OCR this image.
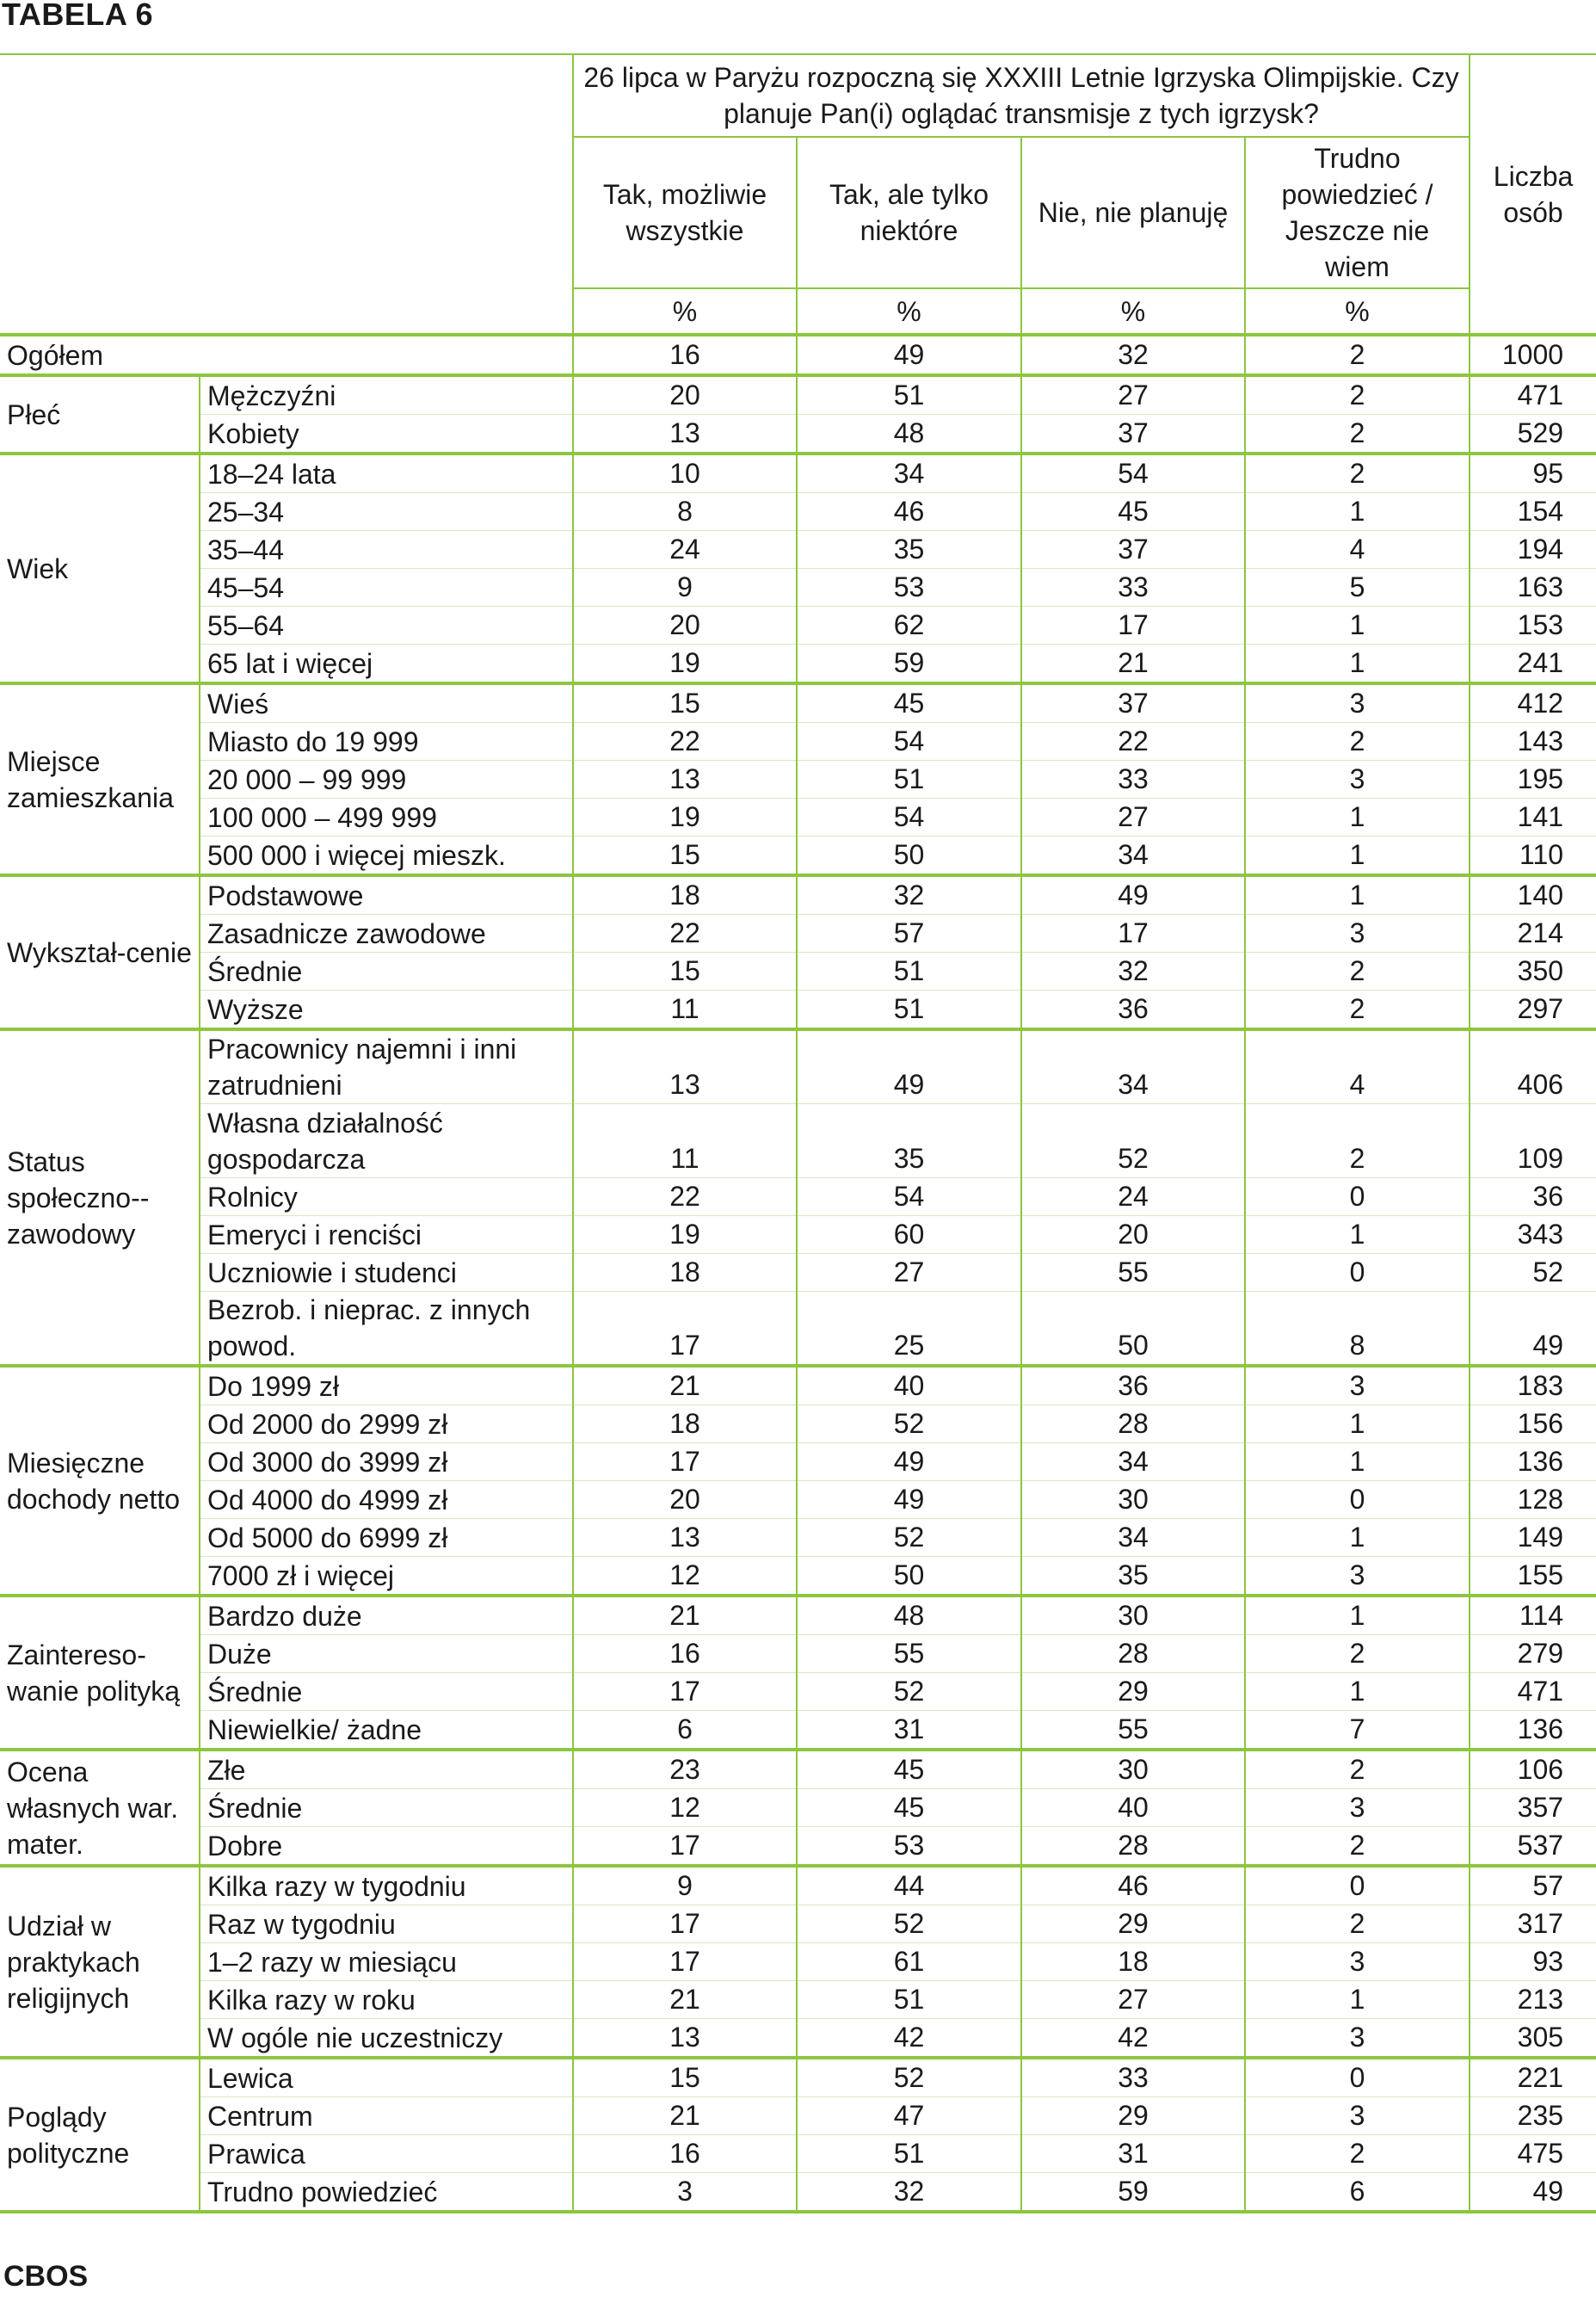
TABELA 6
		26 lipca w Paryżu rozpoczną się XXXIII Letnie Igrzyska Olimpijskie. Czy planuje Pan(i) oglądać transmisje z tych igrzysk?				Liczba osób
		Tak, możliwie wszystkie	Tak, ale tylko niektóre	Nie, nie planuję	Trudno powiedzieć / Jeszcze nie wiem	
		%	%	%	%	
Ogółem		16	49	32	2	1000
Płeć	Mężczyźni	20	51	27	2	471
	Kobiety	13	48	37	2	529
Wiek	18–24 lata	10	34	54	2	95
	25–34	8	46	45	1	154
	35–44	24	35	37	4	194
	45–54	9	53	33	5	163
	55–64	20	62	17	1	153
	65 lat i więcej	19	59	21	1	241
Miejsce zamieszkania	Wieś	15	45	37	3	412
	Miasto do 19 999	22	54	22	2	143
	20 000 – 99 999	13	51	33	3	195
	100 000 – 499 999	19	54	27	1	141
	500 000 i więcej mieszk.	15	50	34	1	110
Wykształ-cenie	Podstawowe	18	32	49	1	140
	Zasadnicze zawodowe	22	57	17	3	214
	Średnie	15	51	32	2	350
	Wyższe	11	51	36	2	297
Status społeczno--zawodowy	Pracownicy najemni i inni zatrudnieni	13	49	34	4	406
	Własna działalność gospodarcza	11	35	52	2	109
	Rolnicy	22	54	24	0	36
	Emeryci i renciści	19	60	20	1	343
	Uczniowie i studenci	18	27	55	0	52
	Bezrob. i nieprac. z innych powod.	17	25	50	8	49
Miesięczne dochody netto	Do 1999 zł	21	40	36	3	183
	Od 2000 do 2999 zł	18	52	28	1	156
	Od 3000 do 3999 zł	17	49	34	1	136
	Od 4000 do 4999 zł	20	49	30	0	128
	Od 5000 do 6999 zł	13	52	34	1	149
	7000 zł i więcej	12	50	35	3	155
Zaintereso-wanie polityką	Bardzo duże	21	48	30	1	114
	Duże	16	55	28	2	279
	Średnie	17	52	29	1	471
	Niewielkie/ żadne	6	31	55	7	136
Ocena własnych war. mater.	Złe	23	45	30	2	106
	Średnie	12	45	40	3	357
	Dobre	17	53	28	2	537
Udział w praktykach religijnych	Kilka razy w tygodniu	9	44	46	0	57
	Raz w tygodniu	17	52	29	2	317
	1–2 razy w miesiącu	17	61	18	3	93
	Kilka razy w roku	21	51	27	1	213
	W ogóle nie uczestniczy	13	42	42	3	305
Poglądy polityczne	Lewica	15	52	33	0	221
	Centrum	21	47	29	3	235
	Prawica	16	51	31	2	475
	Trudno powiedzieć	3	32	59	6	49
CBOS
